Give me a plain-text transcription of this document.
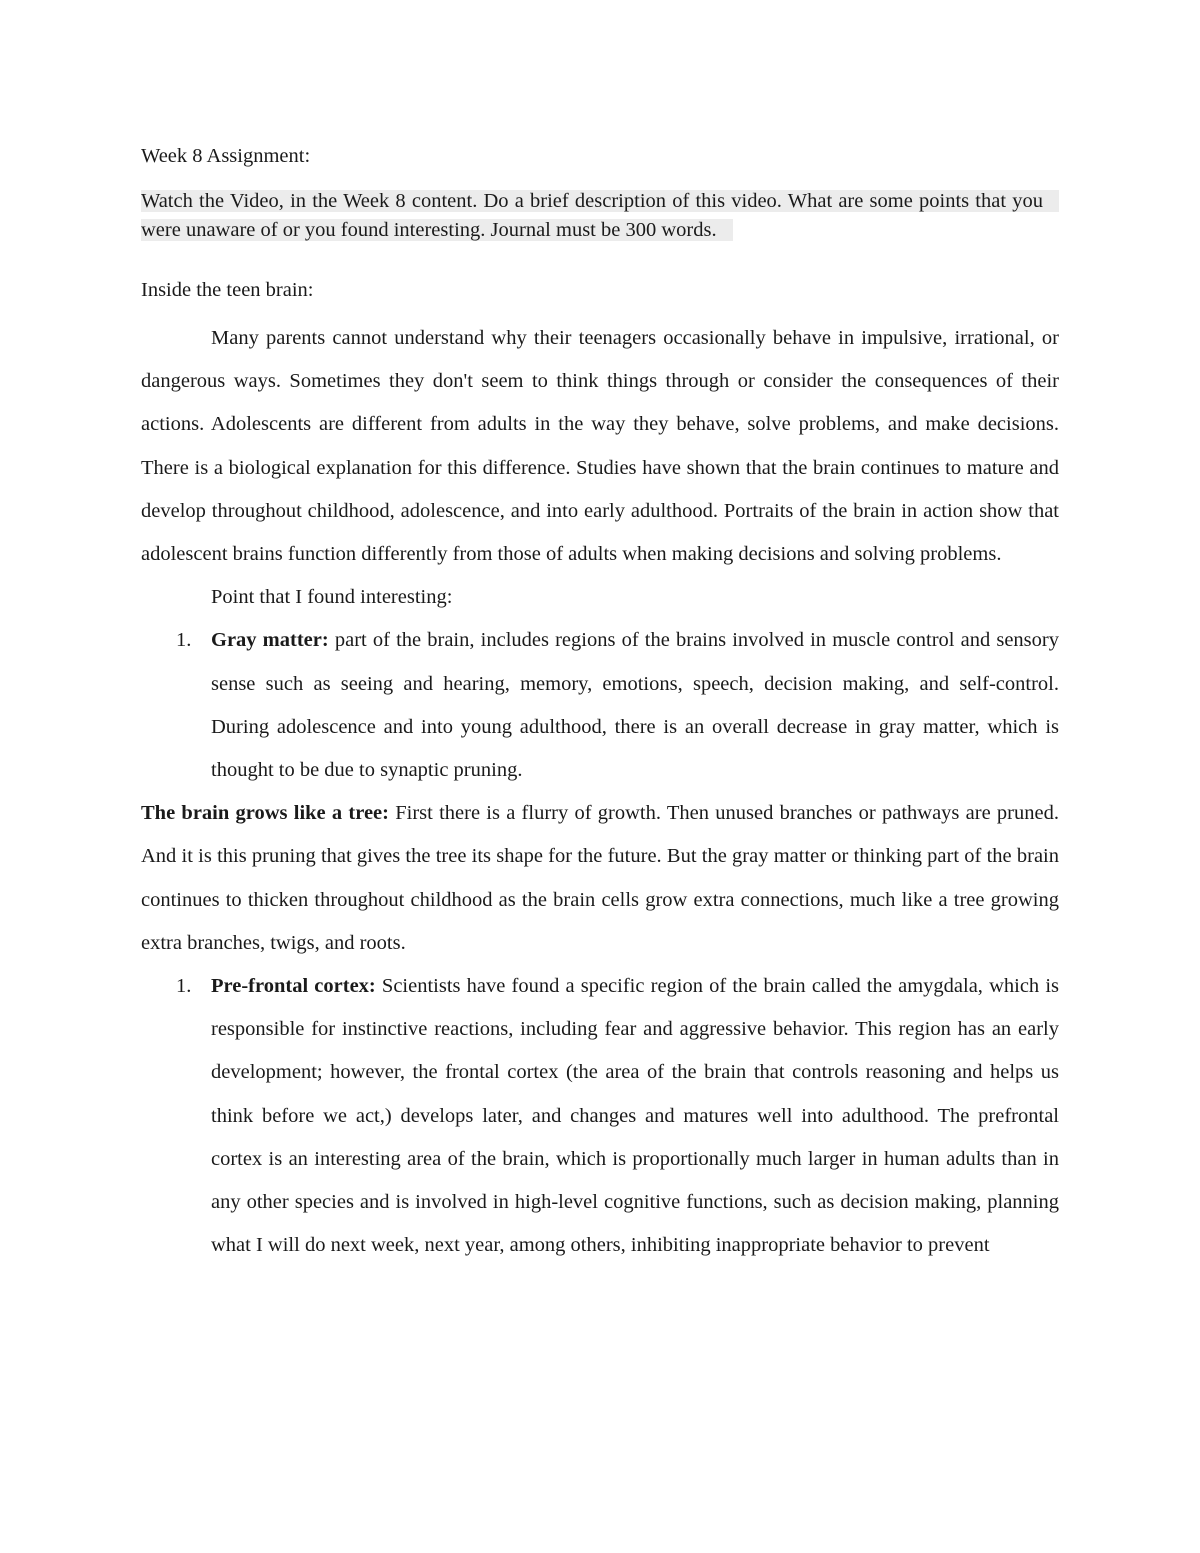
Week 8 Assignment:

Watch the Video, in the Week 8 content. Do a brief description of this video. What are some points that you were unaware of or you found interesting. Journal must be 300 words.

Inside the teen brain:

Many parents cannot understand why their teenagers occasionally behave in impulsive, irrational, or dangerous ways. Sometimes they don't seem to think things through or consider the consequences of their actions. Adolescents are different from adults in the way they behave, solve problems, and make decisions. There is a biological explanation for this difference. Studies have shown that the brain continues to mature and develop throughout childhood, adolescence, and into early adulthood. Portraits of the brain in action show that adolescent brains function differently from those of adults when making decisions and solving problems.

Point that I found interesting:

1. Gray matter: part of the brain, includes regions of the brains involved in muscle control and sensory sense such as seeing and hearing, memory, emotions, speech, decision making, and self-control. During adolescence and into young adulthood, there is an overall decrease in gray matter, which is thought to be due to synaptic pruning.

The brain grows like a tree: First there is a flurry of growth. Then unused branches or pathways are pruned. And it is this pruning that gives the tree its shape for the future. But the gray matter or thinking part of the brain continues to thicken throughout childhood as the brain cells grow extra connections, much like a tree growing extra branches, twigs, and roots.

1. Pre-frontal cortex: Scientists have found a specific region of the brain called the amygdala, which is responsible for instinctive reactions, including fear and aggressive behavior. This region has an early development; however, the frontal cortex (the area of the brain that controls reasoning and helps us think before we act,) develops later, and changes and matures well into adulthood. The prefrontal cortex is an interesting area of the brain, which is proportionally much larger in human adults than in any other species and is involved in high-level cognitive functions, such as decision making, planning what I will do next week, next year, among others, inhibiting inappropriate behavior to prevent
